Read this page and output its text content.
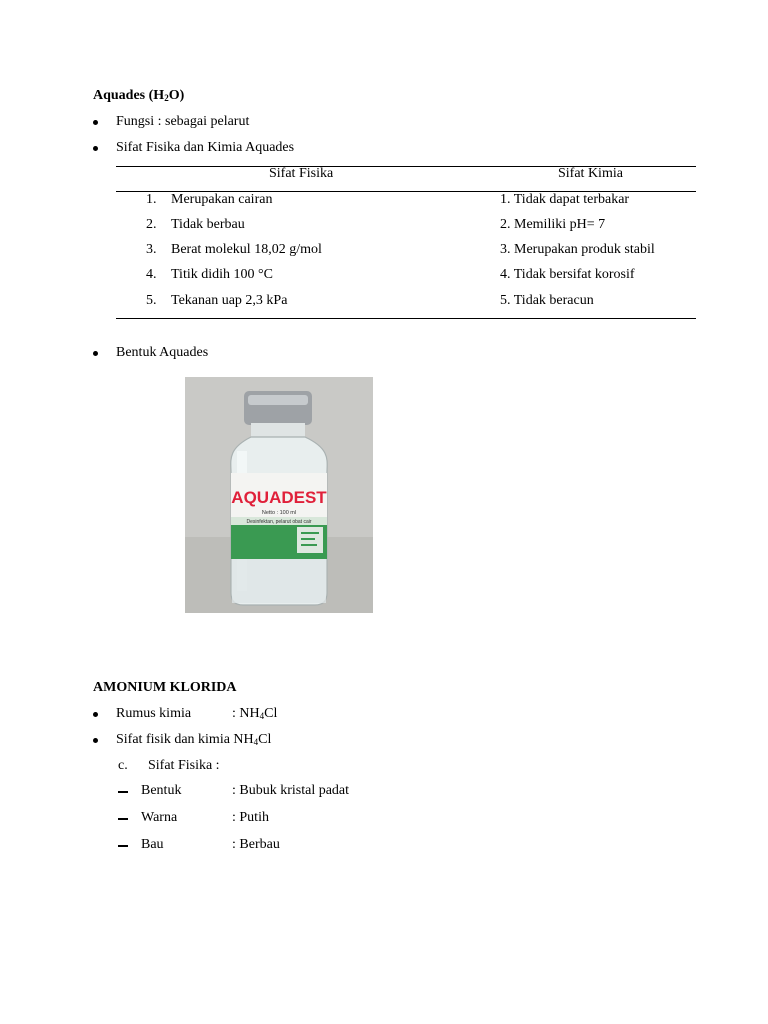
Aquades $(H_2O)$
Fungsi : sebagai pelarut
Sifat Fisika dan Kimia Aquades
Sifat Fisika	Sifat Kimia
1. Merupakan cairan	1. Tidak dapat terbakar
2. Tidak berbau	2. Memiliki pH= 7
3. Berat molekul 18,02 g/mol	3. Merupakan produk stabil
4. Titik didih 100 °C	4. Tidak bersifat korosif
5. Tekanan uap 2,3 kPa	5. Tidak beracun
Bentuk Aquades
AQUADEST
Netto : 100 ml
Desinfektan, pelarut obat cair
AMONIUM KLORIDA
Rumus kimia	: $NH_4Cl$
Sifat fisik dan kimia $NH_4Cl$
c. Sifat Fisika :
Bentuk	: Bubuk kristal padat
Warna	: Putih
Bau	: Berbau
